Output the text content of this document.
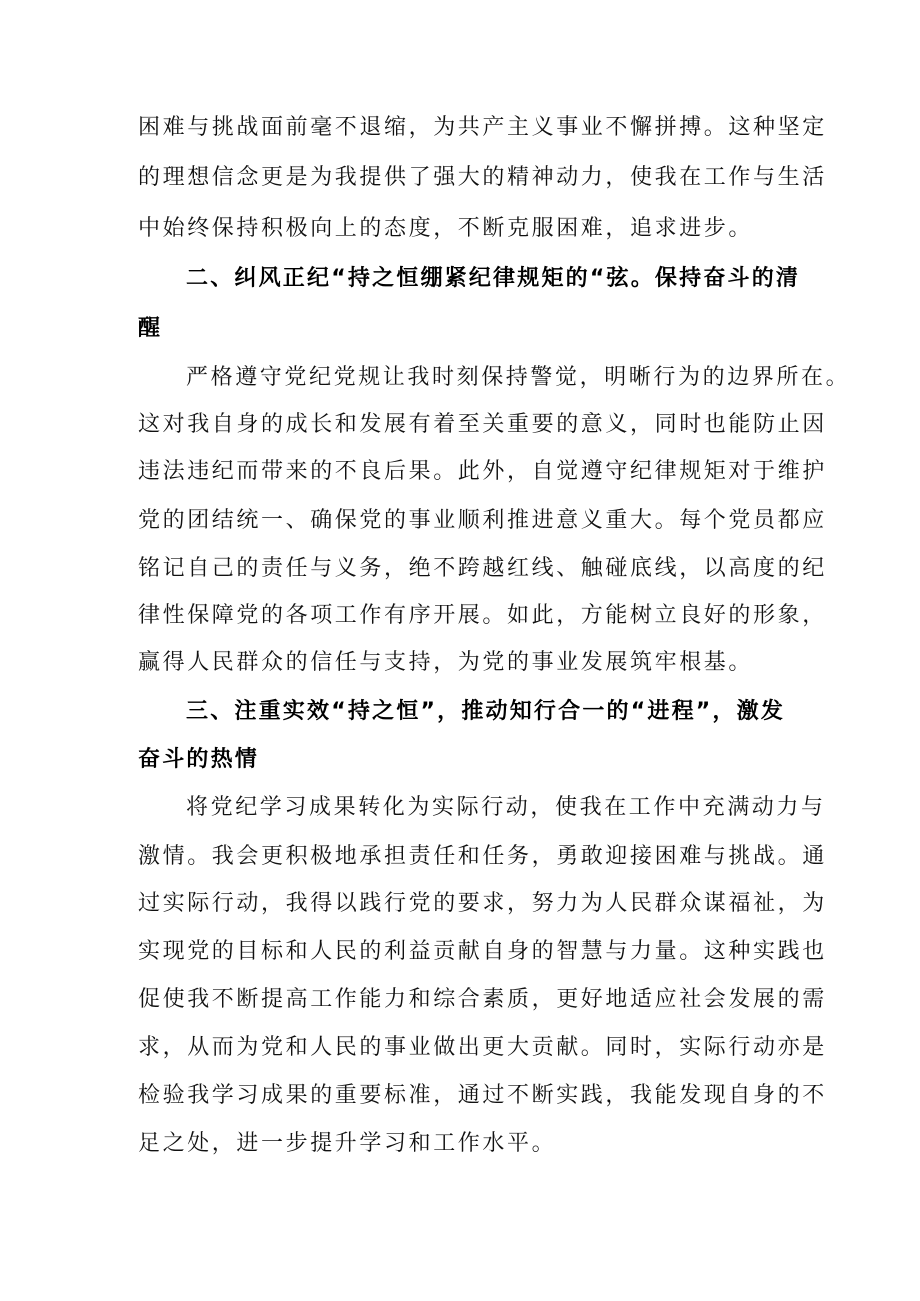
困难与挑战面前毫不退缩，为共产主义事业不懈拼搏。这种坚定
的理想信念更是为我提供了强大的精神动力，使我在工作与生活
中始终保持积极向上的态度，不断克服困难，追求进步。
二、纠风正纪“持之恒绷紧纪律规矩的“弦。保持奋斗的清
醒
严格遵守党纪党规让我时刻保持警觉，明晰行为的边界所在。
这对我自身的成长和发展有着至关重要的意义，同时也能防止因
违法违纪而带来的不良后果。此外，自觉遵守纪律规矩对于维护
党的团结统一、确保党的事业顺利推进意义重大。每个党员都应
铭记自己的责任与义务，绝不跨越红线、触碰底线，以高度的纪
律性保障党的各项工作有序开展。如此，方能树立良好的形象，
赢得人民群众的信任与支持，为党的事业发展筑牢根基。
三、注重实效“持之恒”，推动知行合一的“进程”，激发
奋斗的热情
将党纪学习成果转化为实际行动，使我在工作中充满动力与
激情。我会更积极地承担责任和任务，勇敢迎接困难与挑战。通
过实际行动，我得以践行党的要求，努力为人民群众谋福祉，为
实现党的目标和人民的利益贡献自身的智慧与力量。这种实践也
促使我不断提高工作能力和综合素质，更好地适应社会发展的需
求，从而为党和人民的事业做出更大贡献。同时，实际行动亦是
检验我学习成果的重要标准，通过不断实践，我能发现自身的不
足之处，进一步提升学习和工作水平。
